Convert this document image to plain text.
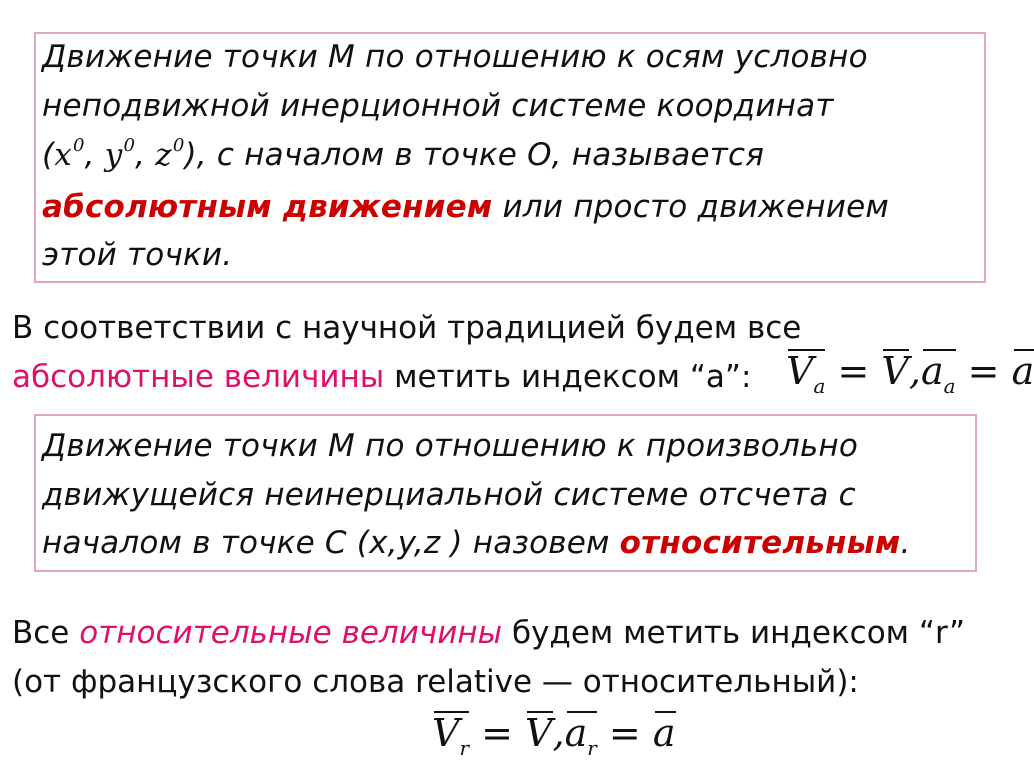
Движение точки М по отношению к осям условно
неподвижной инерционной системе координат
($x^0$, $y^0$, $z^0$), с началом в точке О, называется
абсолютным движением или просто движением
этой точки.
В соответствии с научной традицией будем все
абсолютные величины метить индексом “a”: $V_a = V,a_a = a$
Движение точки М по отношению к произвольно
движущейся неинерциальной системе отсчета с
началом в точке С (x,y,z ) назовем относительным.
Все относительные величины будем метить индексом “r”
(от французского слова relative — относительный):
$V_r = V,a_r = a$
